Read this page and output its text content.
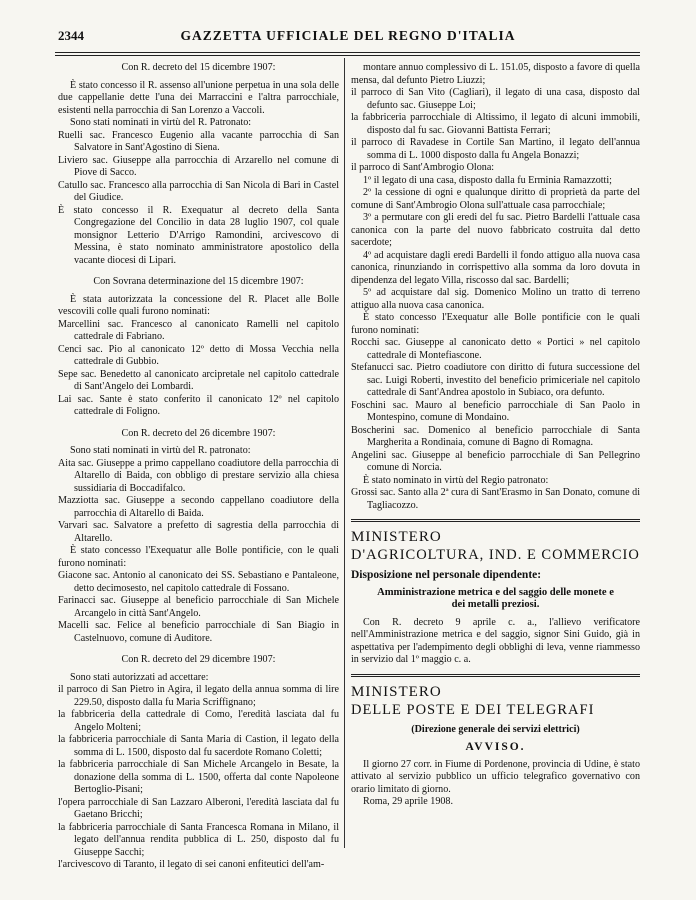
GAZZETTA UFFICIALE DEL REGNO D'ITALIA
2344

Con R. decreto del 15 dicembre 1907:

È stato concesso il R. assenso all'unione perpetua in una sola delle due cappellanie dette l'una dei Marraccini e l'altra parrocchiale, esistenti nella parrocchia di San Lorenzo a Vaccoli.

Sono stati nominati in virtù del R. Patronato:

Ruelli sac. Francesco Eugenio alla vacante parrocchia di San Salvatore in Sant'Agostino di Siena.

Liviero sac. Giuseppe alla parrocchia di Arzarello nel comune di Piove di Sacco.

Catullo sac. Francesco alla parrocchia di San Nicola di Bari in Castel del Giudice.

È stato concesso il R. Exequatur al decreto della Santa Congregazione del Concilio in data 28 luglio 1907, col quale monsignor Letterio D'Arrigo Ramondini, arcivescovo di Messina, è stato nominato amministratore apostolico della vacante diocesi di Lipari.

Con Sovrana determinazione del 15 dicembre 1907:

È stata autorizzata la concessione del R. Placet alle Bolle vescovili colle quali furono nominati:

Marcellini sac. Francesco al canonicato Ramelli nel capitolo cattedrale di Fabriano.

Cenci sac. Pio al canonicato 12º detto di Mossa Vecchia nella cattedrale di Gubbio.

Sepe sac. Benedetto al canonicato arcipretale nel capitolo cattedrale di Sant'Angelo dei Lombardi.

Lai sac. Sante è stato conferito il canonicato 12º nel capitolo cattedrale di Foligno.

Con R. decreto del 26 dicembre 1907:

Sono stati nominati in virtù del R. patronato:

Aita sac. Giuseppe a primo cappellano coadiutore della parrocchia di Altarello di Baida, con obbligo di prestare servizio alla chiesa sussidiaria di Boccadifalco.

Mazziotta sac. Giuseppe a secondo cappellano coadiutore della parrocchia di Altarello di Baida.

Varvari sac. Salvatore a prefetto di sagrestia della parrocchia di Altarello.

È stato concesso l'Exequatur alle Bolle pontificie, con le quali furono nominati:

Giacone sac. Antonio al canonicato dei SS. Sebastiano e Pantaleone, detto decimosesto, nel capitolo cattedrale di Fossano.

Farinacci sac. Giuseppe al beneficio parrocchiale di San Michele Arcangelo in città Sant'Angelo.

Macelli sac. Felice al beneficio parrocchiale di San Biagio in Castelnuovo, comune di Auditore.

Con R. decreto del 29 dicembre 1907:

Sono stati autorizzati ad accettare:

il parroco di San Pietro in Agira, il legato della annua somma di lire 229.50, disposto dalla fu Maria Scriffignano;

la fabbriceria della cattedrale di Como, l'eredità lasciata dal fu Angelo Molteni;

la fabbriceria parrocchiale di Santa Maria di Castion, il legato della somma di L. 1500, disposto dal fu sacerdote Romano Coletti;

la fabbriceria parrocchiale di San Michele Arcangelo in Besate, la donazione della somma di L. 1500, offerta dal conte Napoleone Bertoglio-Pisani;

l'opera parrocchiale di San Lazzaro Alberoni, l'eredità lasciata dal fu Gaetano Bricchi;

la fabbriceria parrocchiale di Santa Francesca Romana in Milano, il legato dell'annua rendita pubblica di L. 250, disposto dal fu Giuseppe Sacchi;

l'arcivescovo di Taranto, il legato di sei canoni enfiteutici dell'am-

montare annuo complessivo di L. 151.05, disposto a favore di quella mensa, dal defunto Pietro Liuzzi;

il parroco di San Vito (Cagliari), il legato di una casa, disposto dal defunto sac. Giuseppe Loi;

la fabbriceria parrocchiale di Altissimo, il legato di alcuni immobili, disposto dal fu sac. Giovanni Battista Ferrari;

il parroco di Ravadese in Cortile San Martino, il legato dell'annua somma di L. 1000 disposto dalla fu Angela Bonazzi;

il parroco di Sant'Ambrogio Olona:

1º il legato di una casa, disposto dalla fu Erminia Ramazzotti;

2º la cessione di ogni e qualunque diritto di proprietà da parte del comune di Sant'Ambrogio Olona sull'attuale casa parrocchiale;

3º a permutare con gli eredi del fu sac. Pietro Bardelli l'attuale casa canonica con la parte del nuovo fabbricato costruita dal detto sacerdote;

4º ad acquistare dagli eredi Bardelli il fondo attiguo alla nuova casa canonica, rinunziando in corrispettivo alla somma da loro dovuta in dipendenza del legato Villa, riscosso dal sac. Bardelli;

5º ad acquistare dal sig. Domenico Molino un tratto di terreno attiguo alla nuova casa canonica.

È stato concesso l'Exequatur alle Bolle pontificie con le quali furono nominati:

Rocchi sac. Giuseppe al canonicato detto « Portici » nel capitolo cattedrale di Montefiascone.

Stefanucci sac. Pietro coadiutore con diritto di futura successione del sac. Luigi Roberti, investito del beneficio primiceriale nel capitolo cattedrale di Sant'Andrea apostolo in Subiaco, ora defunto.

Foschini sac. Mauro al beneficio parrocchiale di San Paolo in Montespino, comune di Mondaino.

Boscherini sac. Domenico al beneficio parrocchiale di Santa Margherita a Rondinaia, comune di Bagno di Romagna.

Angelini sac. Giuseppe al beneficio parrocchiale di San Pellegrino comune di Norcia.

È stato nominato in virtù del Regio patronato:

Grossi sac. Santo alla 2ª cura di Sant'Erasmo in San Donato, comune di Tagliacozzo.

MINISTERO

D'AGRICOLTURA, IND. E COMMERCIO

Disposizione nel personale dipendente:

Amministrazione metrica e del saggio delle monete e dei metalli preziosi.

Con R. decreto 9 aprile c. a., l'allievo verificatore nell'Amministrazione metrica e del saggio, signor Sini Guido, già in aspettativa per l'adempimento degli obblighi di leva, venne riammesso in servizio dal 1º maggio c. a.

MINISTERO

DELLE POSTE E DEI TELEGRAFI

(Direzione generale dei servizi elettrici)

AVVISO.

Il giorno 27 corr. in Fiume di Pordenone, provincia di Udine, è stato attivato al servizio pubblico un ufficio telegrafico governativo con orario limitato di giorno.

Roma, 29 aprile 1908.
